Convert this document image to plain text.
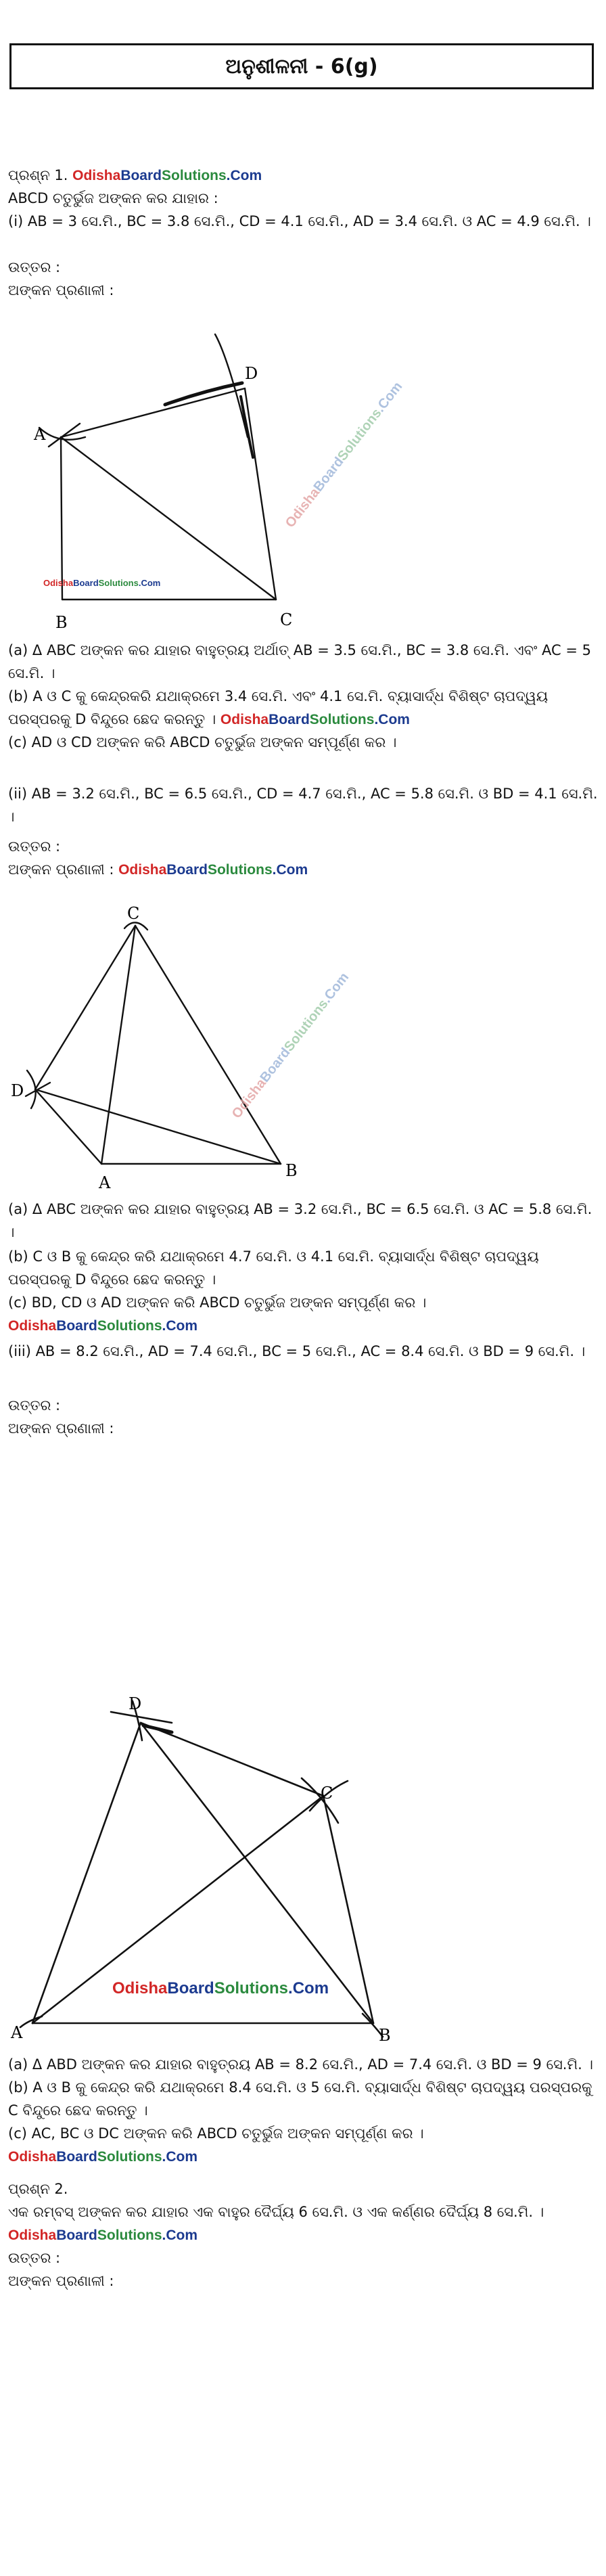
ଅନୁଶୀଳନୀ - 6(g)
ପ୍ରଶ୍ନ 1. OdishaBoardSolutions.Com
ABCD ଚତୁର୍ଭୁଜ ଅଙ୍କନ କର ଯାହାର :
(i) AB = 3 ସେ.ମି., BC = 3.8 ସେ.ମି., CD = 4.1 ସେ.ମି., AD = 3.4 ସେ.ମି. ଓ AC = 4.9 ସେ.ମି. ।
ଉତ୍ତର :
ଅଙ୍କନ ପ୍ରଣାଳୀ :
A
B	C
D
OdishaBoardSolutions.Com
OdishaBoardSolutions.Com
(a) Δ ABC ଅଙ୍କନ କର ଯାହାର ବାହୁତ୍ରୟ ଅର୍ଥାତ୍ AB = 3.5 ସେ.ମି., BC = 3.8 ସେ.ମି. ଏବଂ AC = 5 ସେ.ମି. ।
(b) A ଓ C କୁ କେନ୍ଦ୍ରକରି ଯଥାକ୍ରମେ 3.4 ସେ.ମି. ଏବଂ 4.1 ସେ.ମି. ବ୍ୟାସାର୍ଦ୍ଧ ବିଶିଷ୍ଟ ଚାପଦ୍ୱୟ ପରସ୍ପରକୁ D ବିନ୍ଦୁରେ ଛେଦ କରନ୍ତୁ । OdishaBoardSolutions.Com
(c) AD ଓ CD ଅଙ୍କନ କରି ABCD ଚତୁର୍ଭୁଜ ଅଙ୍କନ ସମ୍ପୂର୍ଣ୍ଣ କର ।
(ii) AB = 3.2 ସେ.ମି., BC = 6.5 ସେ.ମି., CD = 4.7 ସେ.ମି., AC = 5.8 ସେ.ମି. ଓ BD = 4.1 ସେ.ମି. ।
ଉତ୍ତର :
ଅଙ୍କନ ପ୍ରଣାଳୀ : OdishaBoardSolutions.Com
C
D
A
B
OdishaBoardSolutions.Com
(a) Δ ABC ଅଙ୍କନ କର ଯାହାର ବାହୁତ୍ରୟ AB = 3.2 ସେ.ମି., BC = 6.5 ସେ.ମି. ଓ AC = 5.8 ସେ.ମି. ।
(b) C ଓ B କୁ କେନ୍ଦ୍ର କରି ଯଥାକ୍ରମେ 4.7 ସେ.ମି. ଓ 4.1 ସେ.ମି. ବ୍ୟାସାର୍ଦ୍ଧ ବିଶିଷ୍ଟ ଚାପଦ୍ୱୟ ପରସ୍ପରକୁ D ବିନ୍ଦୁରେ ଛେଦ କରନ୍ତୁ ।
(c) BD, CD ଓ AD ଅଙ୍କନ କରି ABCD ଚତୁର୍ଭୁଜ ଅଙ୍କନ ସମ୍ପୂର୍ଣ୍ଣ କର । OdishaBoardSolutions.Com
(iii) AB = 8.2 ସେ.ମି., AD = 7.4 ସେ.ମି., BC = 5 ସେ.ମି., AC = 8.4 ସେ.ମି. ଓ BD = 9 ସେ.ମି. ।
ଉତ୍ତର :
ଅଙ୍କନ ପ୍ରଣାଳୀ :
D
C
A	B
OdishaBoardSolutions.Com
(a) Δ ABD ଅଙ୍କନ କର ଯାହାର ବାହୁତ୍ରୟ AB = 8.2 ସେ.ମି., AD = 7.4 ସେ.ମି. ଓ BD = 9 ସେ.ମି. ।
(b) A ଓ B କୁ କେନ୍ଦ୍ର କରି ଯଥାକ୍ରମେ 8.4 ସେ.ମି. ଓ 5 ସେ.ମି. ବ୍ୟାସାର୍ଦ୍ଧ ବିଶିଷ୍ଟ ଚାପଦ୍ୱୟ ପରସ୍ପରକୁ C ବିନ୍ଦୁରେ ଛେଦ କରନ୍ତୁ ।
(c) AC, BC ଓ DC ଅଙ୍କନ କରି ABCD ଚତୁର୍ଭୁଜ ଅଙ୍କନ ସମ୍ପୂର୍ଣ୍ଣ କର । OdishaBoardSolutions.Com
ପ୍ରଶ୍ନ 2.
ଏକ ରମ୍ବସ୍ ଅଙ୍କନ କର ଯାହାର ଏକ ବାହୁର ଦୈର୍ଘ୍ୟ 6 ସେ.ମି. ଓ ଏକ କର୍ଣ୍ଣର ଦୈର୍ଘ୍ୟ 8 ସେ.ମି. ।
OdishaBoardSolutions.Com
ଉତ୍ତର :
ଅଙ୍କନ ପ୍ରଣାଳୀ :
